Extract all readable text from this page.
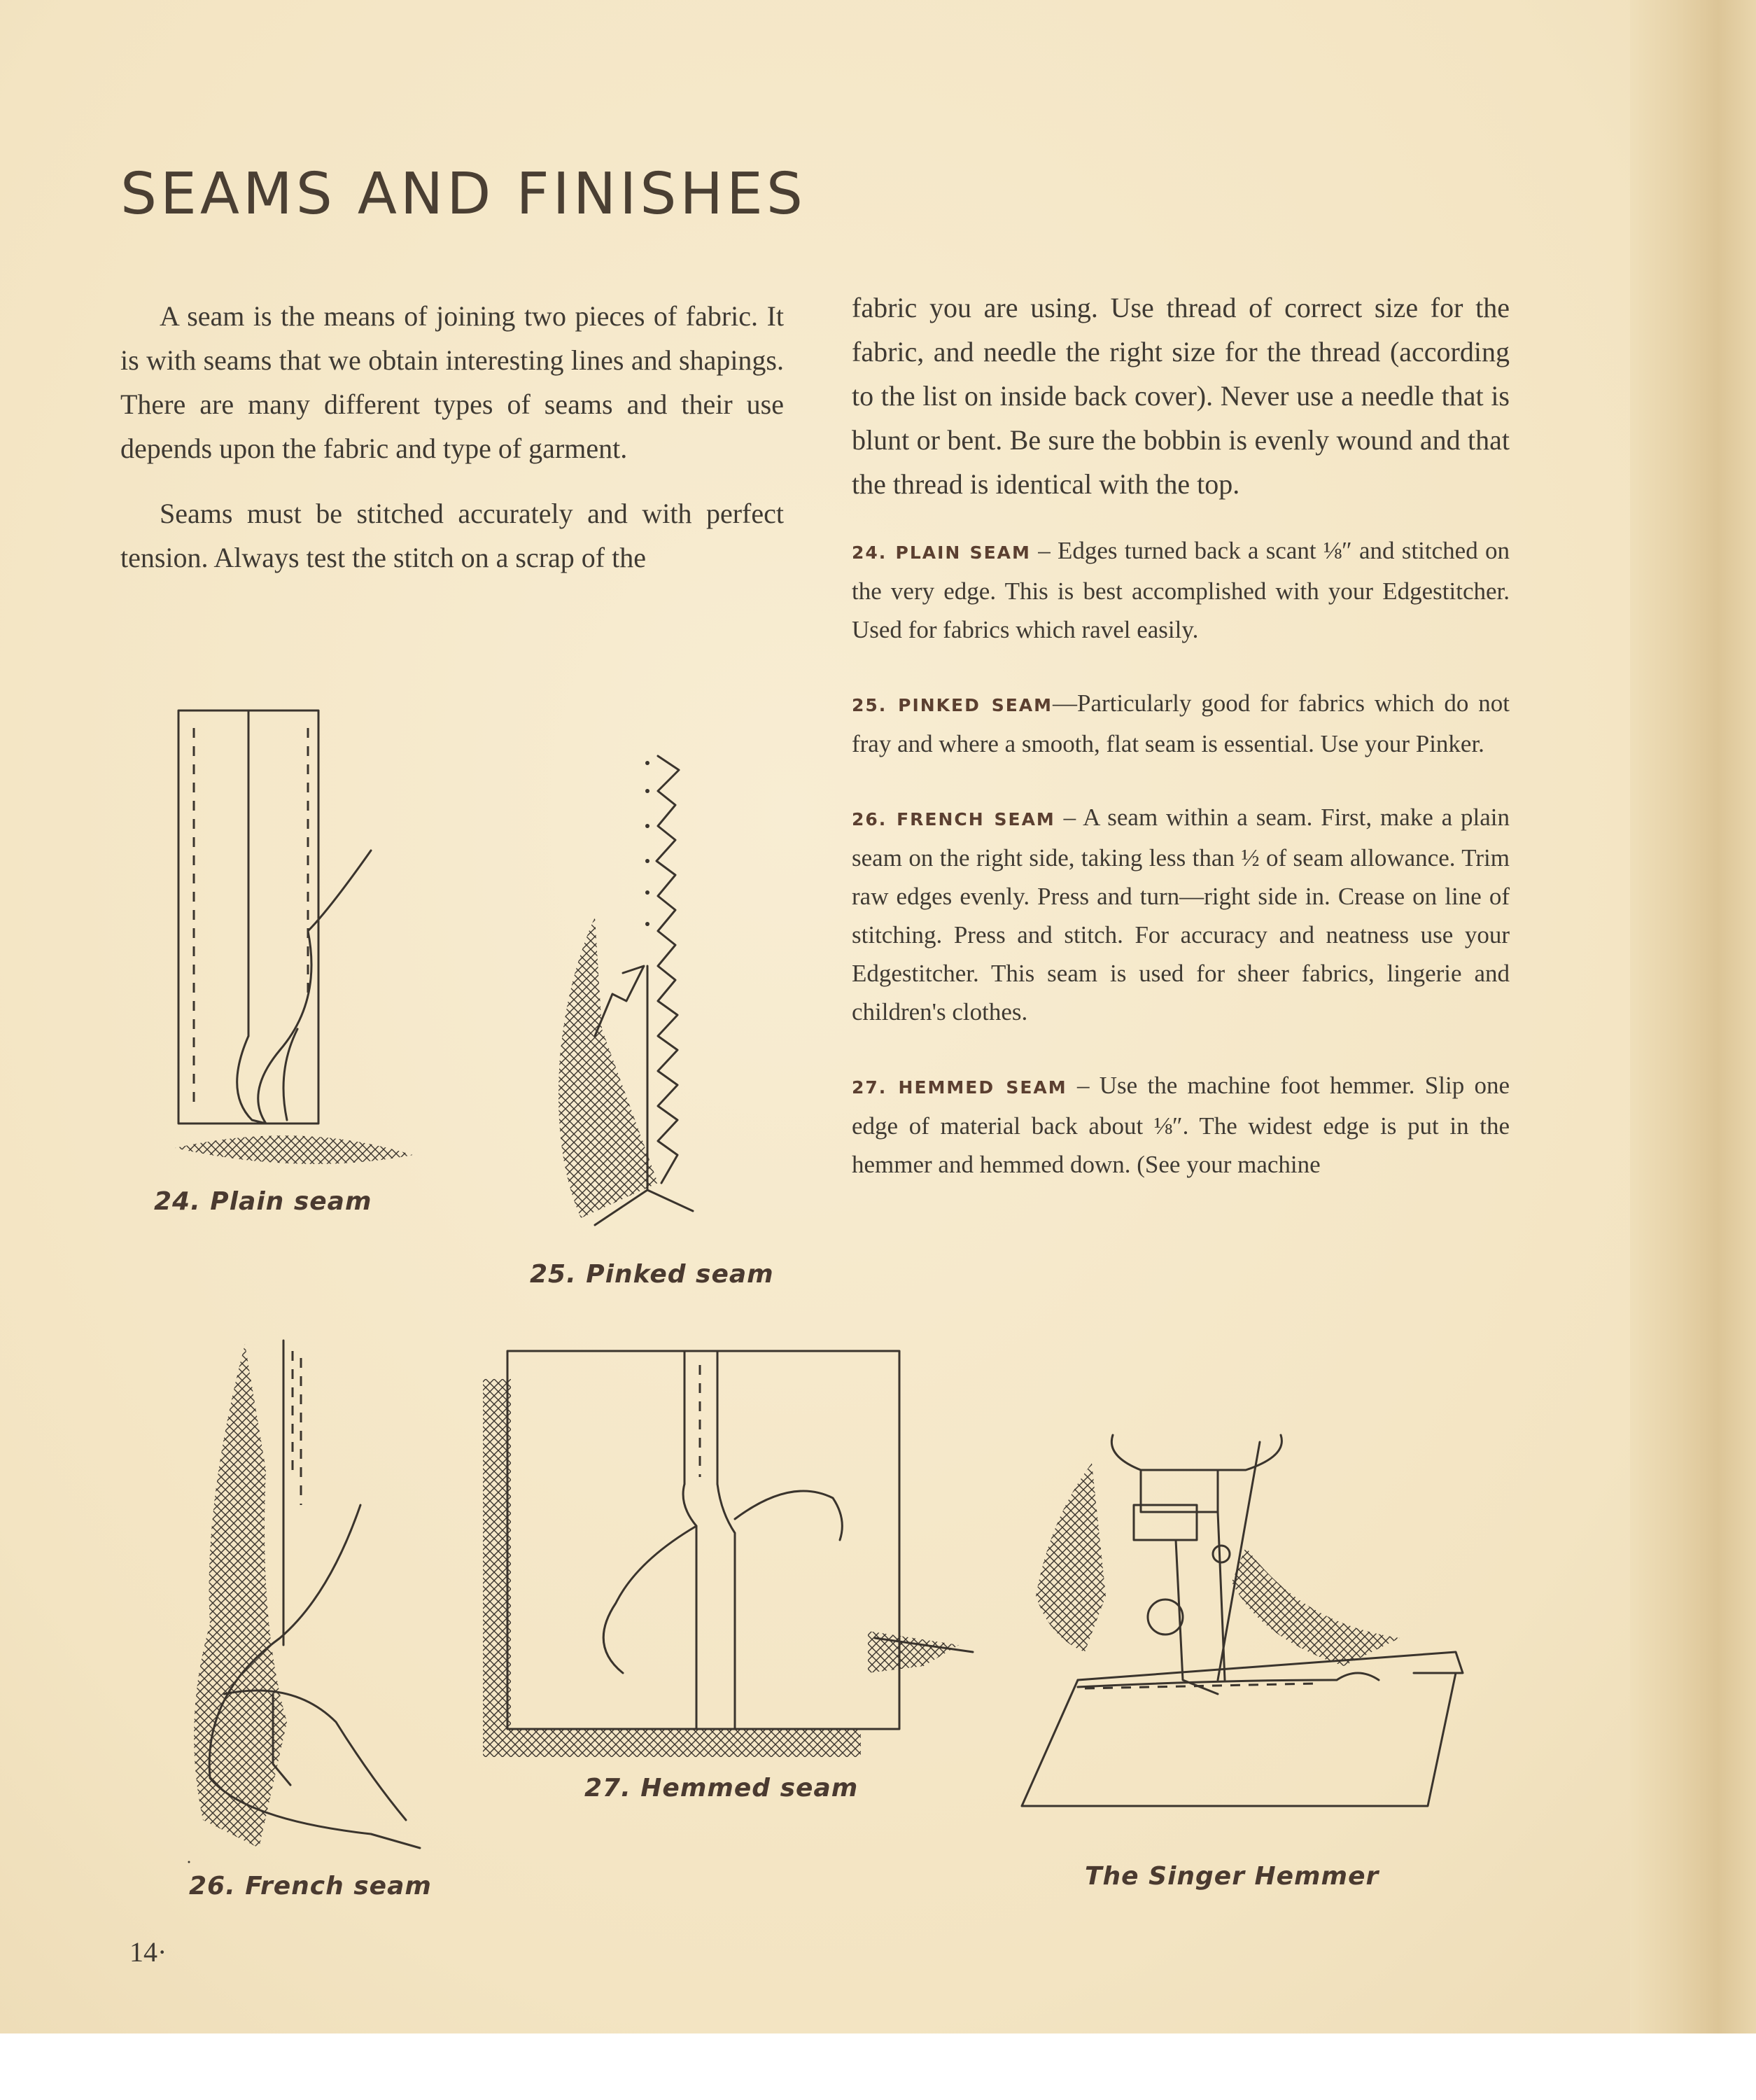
SEAMS AND FINISHES

A seam is the means of joining two pieces of fabric. It is with seams that we obtain interesting lines and shapings. There are many different types of seams and their use depends upon the fabric and type of garment.

Seams must be stitched accurately and with perfect tension. Always test the stitch on a scrap of the

fabric you are using. Use thread of correct size for the fabric, and needle the right size for the thread (according to the list on inside back cover). Never use a needle that is blunt or bent. Be sure the bobbin is evenly wound and that the thread is identical with the top.

24. PLAIN SEAM – Edges turned back a scant ⅛″ and stitched on the very edge. This is best accomplished with your Edgestitcher. Used for fabrics which ravel easily.

25. PINKED SEAM—Particularly good for fabrics which do not fray and where a smooth, flat seam is essential. Use your Pinker.

26. FRENCH SEAM – A seam within a seam. First, make a plain seam on the right side, taking less than ½ of seam allowance. Trim raw edges evenly. Press and turn—right side in. Crease on line of stitching. Press and stitch. For accuracy and neatness use your Edgestitcher. This seam is used for sheer fabrics, lingerie and children's clothes.

27. HEMMED SEAM – Use the machine foot hemmer. Slip one edge of material back about ⅛″. The widest edge is put in the hemmer and hemmed down. (See your machine

24. Plain seam

25. Pinked seam

26. French seam

27. Hemmed seam

The Singer Hemmer

14·
